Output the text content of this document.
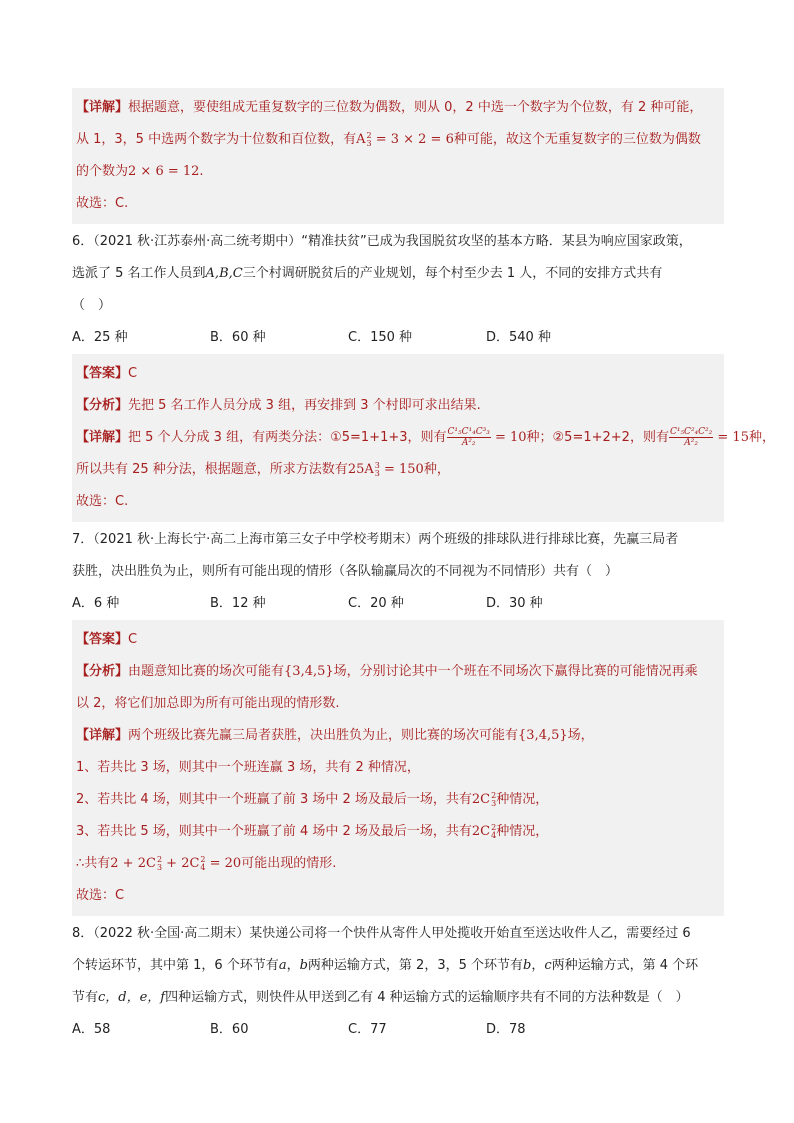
【详解】根据题意，要使组成无重复数字的三位数为偶数，则从 0，2 中选一个数字为个位数，有 2 种可能，
从 1，3，5 中选两个数字为十位数和百位数，有A2
3 = 3 × 2 = 6种可能，故这个无重复数字的三位数为偶数
的个数为2 × 6 = 12.
故选：C.
6．（2021 秋·江苏泰州·高二统考期中）“精准扶贫”已成为我国脱贫攻坚的基本方略．某县为响应国家政策，
选派了 5 名工作人员到A,B,C三个村调研脱贫后的产业规划，每个村至少去 1 人，不同的安排方式共有
（　）
A．25 种	B．60 种	C．150 种	D．540 种
【答案】C
【分析】先把 5 名工作人员分成 3 组，再安排到 3 个村即可求出结果.
【详解】把 5 个人分成 3 组，有两类分法：①5=1+1+3，则有 $\frac{\text{C¹₅C¹₄C³₃}}{\text{A²₂}} = 10$种；②5=1+2+2，则有 $\frac{\text{C¹₅C²₄C²₂}}{\text{A²₂}} = 15$种，
所以共有 25 种分法，根据题意，所求方法数有25A3
3 = 150种，
故选：C.
7．（2021 秋·上海长宁·高二上海市第三女子中学校考期末）两个班级的排球队进行排球比赛，先赢三局者
获胜，决出胜负为止，则所有可能出现的情形（各队输赢局次的不同视为不同情形）共有（　）
A．6 种	B．12 种	C．20 种	D．30 种
【答案】C
【分析】由题意知比赛的场次可能有{3,4,5}场，分别讨论其中一个班在不同场次下赢得比赛的可能情况再乘
以 2，将它们加总即为所有可能出现的情形数.
【详解】两个班级比赛先赢三局者获胜，决出胜负为止，则比赛的场次可能有{3,4,5}场，
1、若共比 3 场，则其中一个班连赢 3 场，共有 2 种情况，
2、若共比 4 场，则其中一个班赢了前 3 场中 2 场及最后一场，共有2C2
3种情况，
3、若共比 5 场，则其中一个班赢了前 4 场中 2 场及最后一场，共有2C2
4种情况，
∴共有2 + 2C2
3 + 2C2
4 = 20可能出现的情形.
故选：C
8．（2022 秋·全国·高二期末）某快递公司将一个快件从寄件人甲处揽收开始直至送达收件人乙，需要经过 6
个转运环节，其中第 1，6 个环节有a，b两种运输方式，第 2，3，5 个环节有b，c两种运输方式，第 4 个环
节有c，d，e，f四种运输方式，则快件从甲送到乙有 4 种运输方式的运输顺序共有不同的方法种数是（　）
A．58	B．60	C．77	D．78
